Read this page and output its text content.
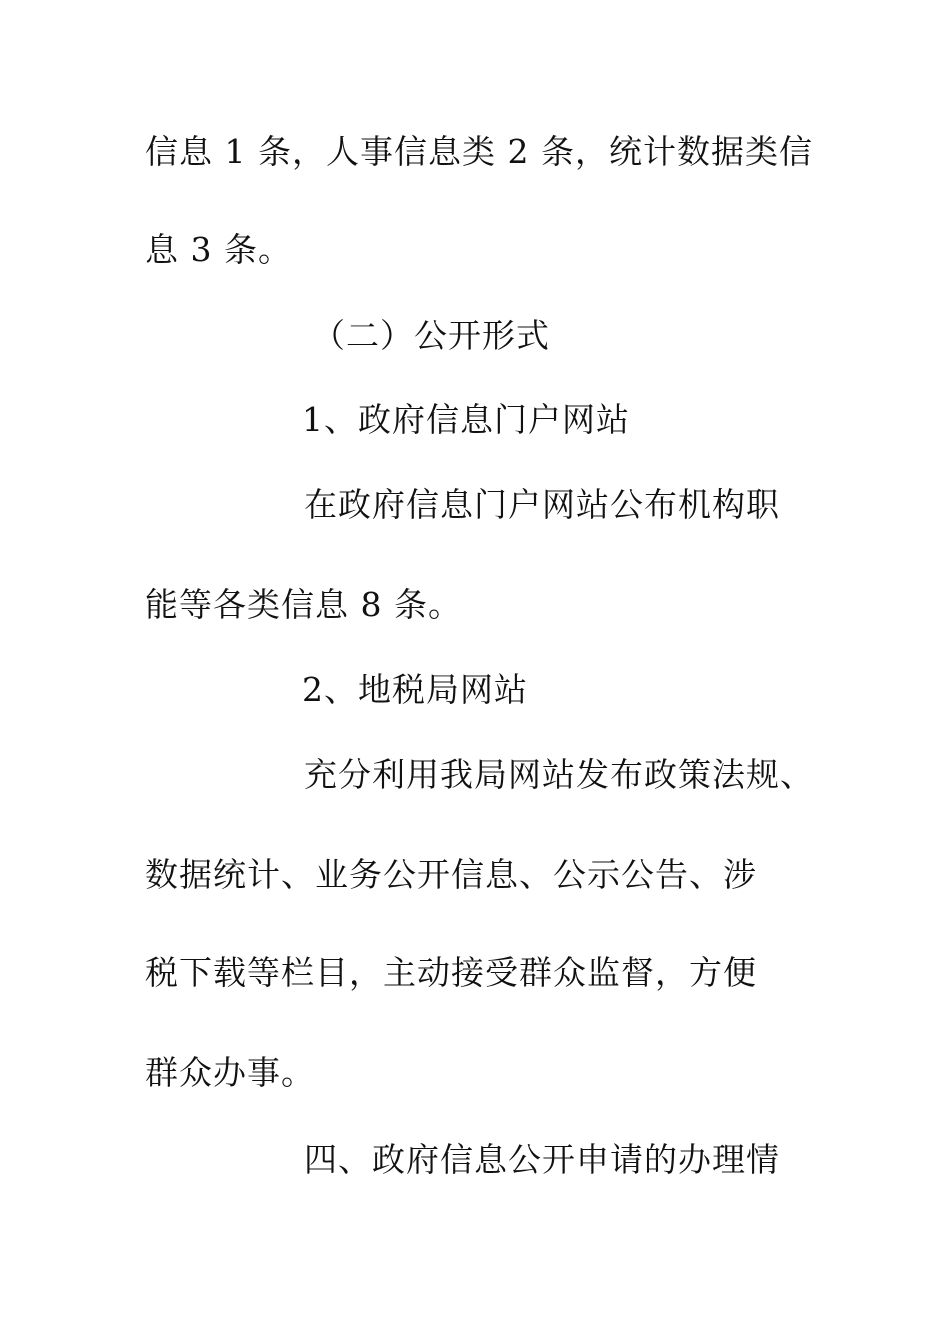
信息 1 条，人事信息类 2 条，统计数据类信
息 3 条。
（二）公开形式
1、政府信息门户网站
在政府信息门户网站公布机构职
能等各类信息 8 条。
2、地税局网站
充分利用我局网站发布政策法规、
数据统计、业务公开信息、公示公告、涉
税下载等栏目，主动接受群众监督，方便
群众办事。
四、政府信息公开申请的办理情
